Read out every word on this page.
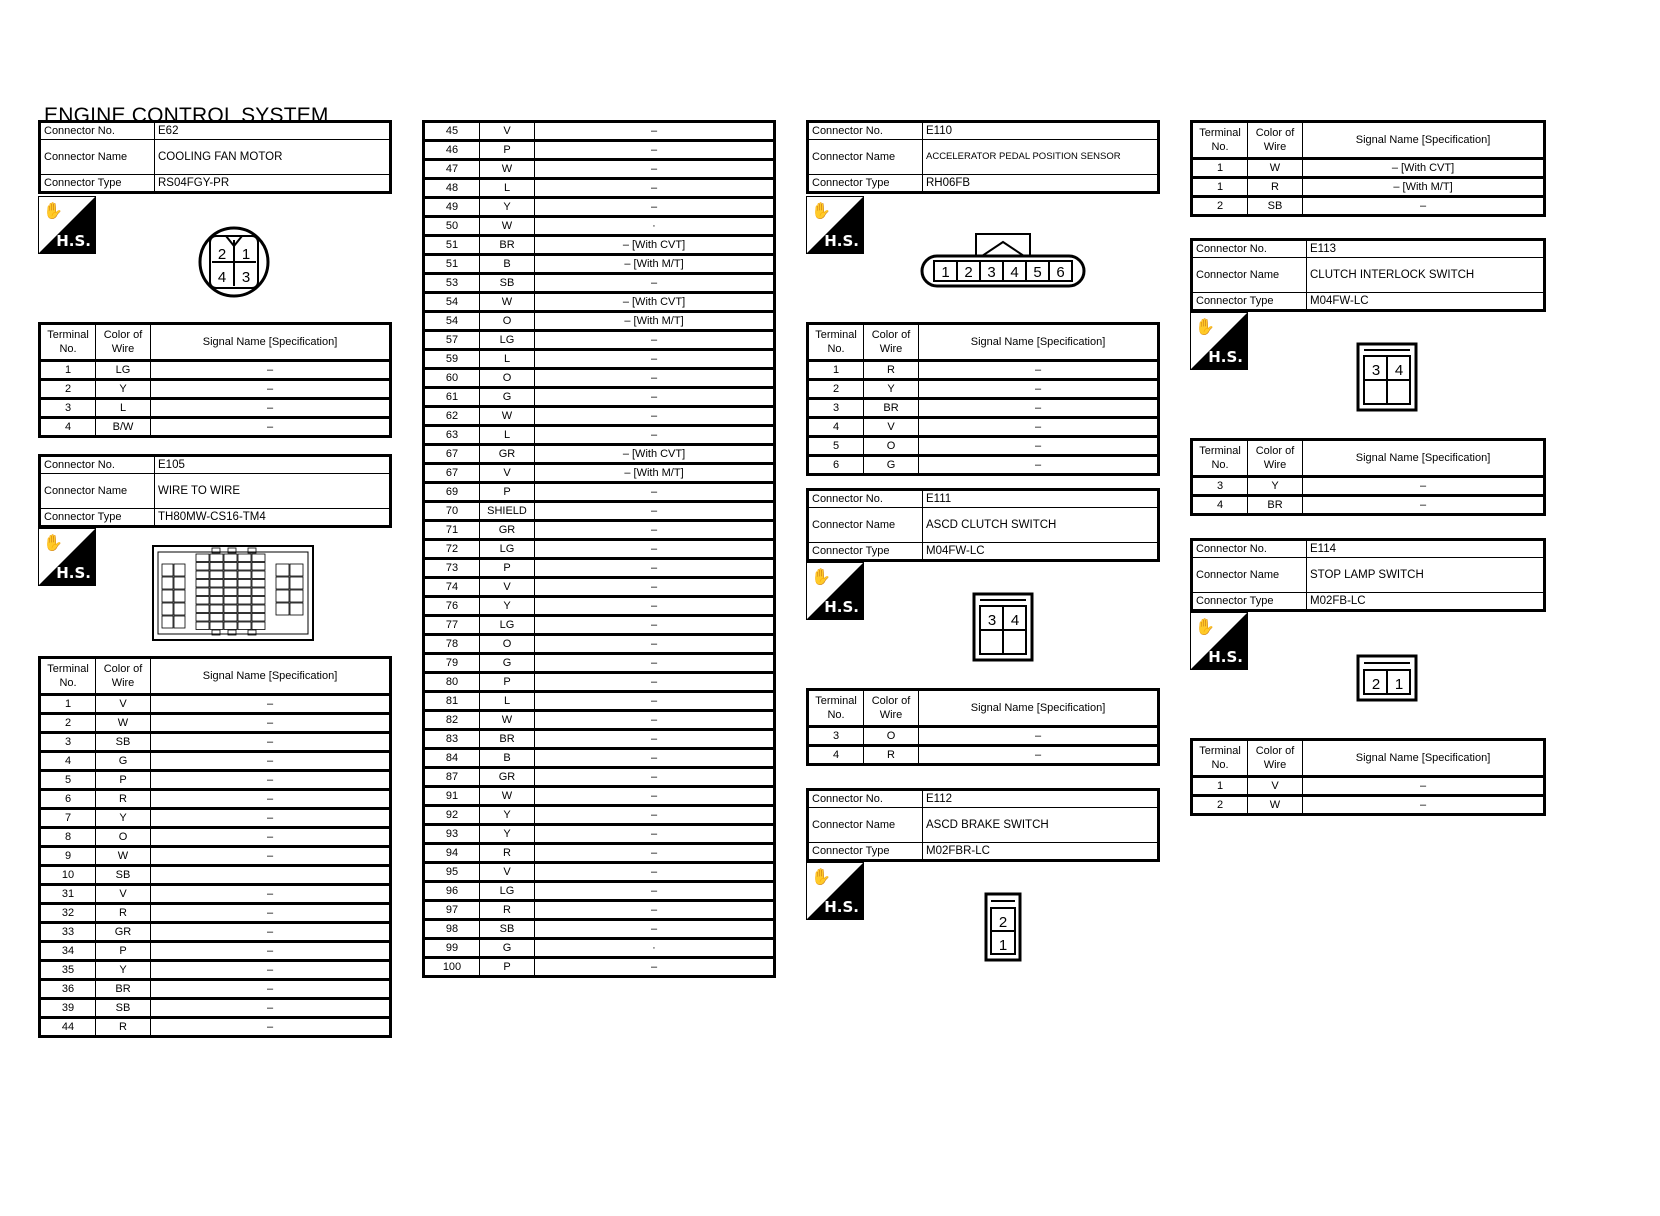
ENGINE CONTROL SYSTEM
Connector No.	E62
Connector Name	COOLING FAN MOTOR
Connector Type	RS04FGY-PR
✋
H.S.
2 1
4 3
Terminal No.	Color of Wire	Signal Name [Specification]
1	LG	–
2	Y	–
3	L	–
4	B/W	–
Connector No.	E105
Connector Name	WIRE TO WIRE
Connector Type	TH80MW-CS16-TM4
✋
H.S.
Terminal No.	Color of Wire	Signal Name [Specification]
1	V	–
2	W	–
3	SB	–
4	G	–
5	P	–
6	R	–
7	Y	–
8	O	–
9	W	–
10	SB	
31	V	–
32	R	–
33	GR	–
34	P	–
35	Y	–
36	BR	–
39	SB	–
44	R	–
45	V	–
46	P	–
47	W	–
48	L	–
49	Y	–
50	W	·
51	BR	– [With CVT]
51	B	– [With M/T]
53	SB	–
54	W	– [With CVT]
54	O	– [With M/T]
57	LG	–
59	L	–
60	O	–
61	G	–
62	W	–
63	L	–
67	GR	– [With CVT]
67	V	– [With M/T]
69	P	–
70	SHIELD	–
71	GR	–
72	LG	–
73	P	–
74	V	–
76	Y	–
77	LG	–
78	O	–
79	G	–
80	P	–
81	L	–
82	W	–
83	BR	–
84	B	–
87	GR	–
91	W	–
92	Y	–
93	Y	–
94	R	–
95	V	–
96	LG	–
97	R	–
98	SB	–
99	G	·
100	P	–
Connector No.	E110
Connector Name	ACCELERATOR PEDAL POSITION SENSOR
Connector Type	RH06FB
✋
H.S.
1 2 3 4 5 6
Terminal No.	Color of Wire	Signal Name [Specification]
1	R	–
2	Y	–
3	BR	–
4	V	–
5	O	–
6	G	–
Connector No.	E111
Connector Name	ASCD CLUTCH SWITCH
Connector Type	M04FW-LC
✋
H.S.
3 4
Terminal No.	Color of Wire	Signal Name [Specification]
3	O	–
4	R	–
Connector No.	E112
Connector Name	ASCD BRAKE SWITCH
Connector Type	M02FBR-LC
✋
H.S.
2
1
Terminal No.	Color of Wire	Signal Name [Specification]
1	W	– [With CVT]
1	R	– [With M/T]
2	SB	–
Connector No.	E113
Connector Name	CLUTCH INTERLOCK SWITCH
Connector Type	M04FW-LC
✋
H.S.
3 4
Terminal No.	Color of Wire	Signal Name [Specification]
3	Y	–
4	BR	–
Connector No.	E114
Connector Name	STOP LAMP SWITCH
Connector Type	M02FB-LC
✋
H.S.
2 1
Terminal No.	Color of Wire	Signal Name [Specification]
1	V	–
2	W	–
